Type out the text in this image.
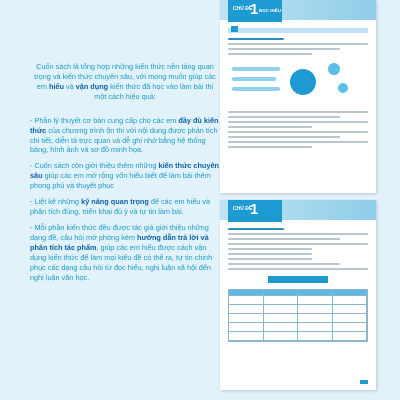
Cuốn sách là tổng hợp những kiến thức nền tảng quan trọng và kiến thức chuyên sâu, với mong muốn giúp các em hiểu và vận dụng kiến thức đã học vào làm bài thi một cách hiệu quả:

- Phần lý thuyết cơ bản cung cấp cho các em đầy đủ kiến thức của chương trình ôn thi với nội dung được phân tích chi tiết, diễn tả trực quan và dễ ghi nhớ bằng hệ thống bảng, hình ảnh và sơ đồ minh họa.

- Cuốn sách còn giới thiệu thêm những kiến thức chuyên sâu giúp các em mở rộng vốn hiểu biết để làm bài thêm phong phú và thuyết phục

- Liệt kê những kỹ năng quan trọng để các em hiểu và phân tích đúng, triển khai đủ ý và tự tin làm bài.

- Mỗi phần kiến thức đều được tác giả giới thiệu những dạng đề, câu hỏi mở phỏng kèm hướng dẫn trả lời và phân tích tác phẩm, giúp các em hiểu được cách vận dụng kiến thức để làm mọi kiểu đề có thể ra, tự tin chinh phục các dạng câu hỏi từ đọc hiểu, nghị luận xã hội đến nghị luận văn học.

CHỦ ĐỀ
1 ĐỌC HIỂU

CHỦ ĐỀ
1
